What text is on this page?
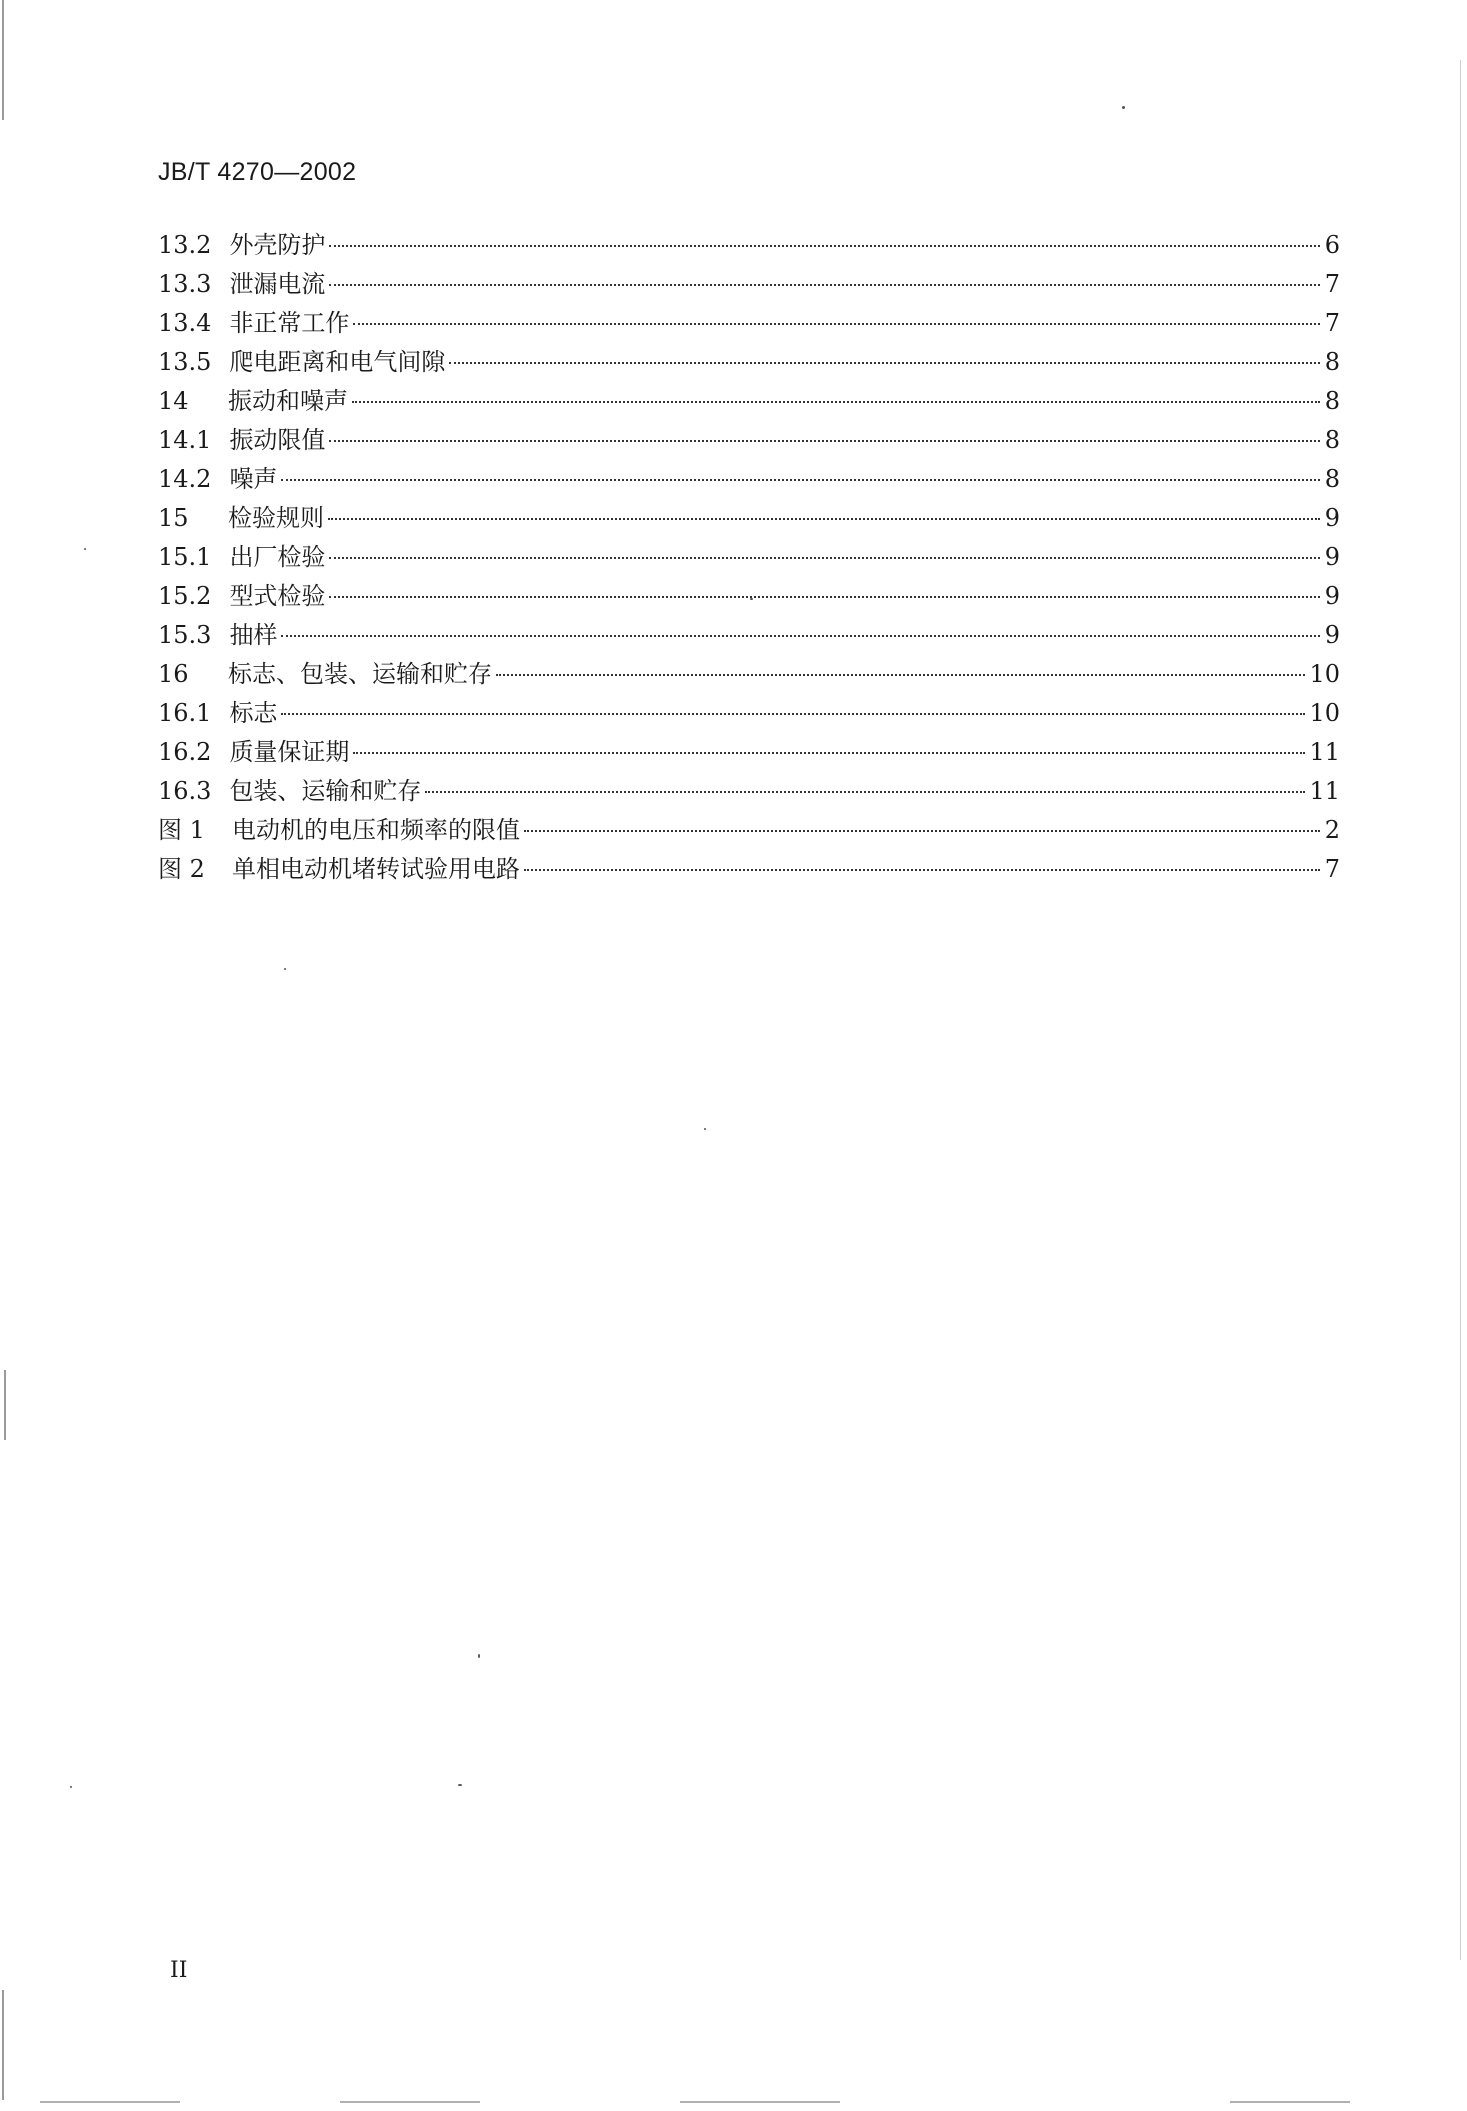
JB/T 4270—2002
13.2 外壳防护	6
13.3 泄漏电流	7
13.4 非正常工作	7
13.5 爬电距离和电气间隙	8
14	振动和噪声	8
14.1 振动限值	8
14.2 噪声	8
15	检验规则	9
15.1 出厂检验	9
15.2 型式检验	9
15.3 抽样	9
16	标志、包装、运输和贮存	10
16.1 标志	10
16.2 质量保证期	11
16.3 包装、运输和贮存	11
图 1	电动机的电压和频率的限值	2
图 2	单相电动机堵转试验用电路	7
II
